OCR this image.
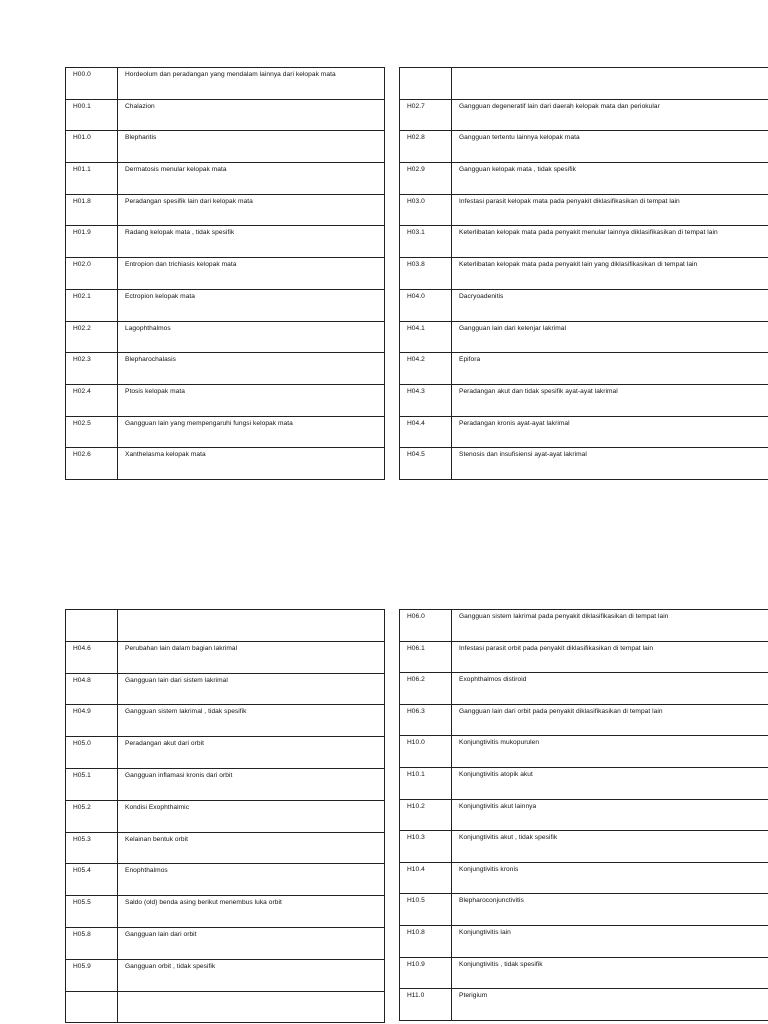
H00.0	Hordeolum dan peradangan yang mendalam lainnya dari kelopak mata
H00.1	Chalazion
H01.0	Blepharitis
H01.1	Dermatosis menular kelopak mata
H01.8	Peradangan spesifik lain dari kelopak mata
H01.9	Radang kelopak mata , tidak spesifik
H02.0	Entropion dan trichiasis kelopak mata
H02.1	Ectropion kelopak mata
H02.2	Lagophthalmos
H02.3	Blepharochalasis
H02.4	Ptosis kelopak mata
H02.5	Gangguan lain yang mempengaruhi fungsi kelopak mata
H02.6	Xanthelasma kelopak mata

H02.7	Gangguan degeneratif lain dari daerah kelopak mata dan periokular
H02.8	Gangguan tertentu lainnya kelopak mata
H02.9	Gangguan kelopak mata , tidak spesifik
H03.0	Infestasi parasit kelopak mata pada penyakit diklasifikasikan di tempat lain
H03.1	Keterlibatan kelopak mata pada penyakit menular lainnya diklasifikasikan di tempat lain
H03.8	Keterlibatan kelopak mata pada penyakit lain yang diklasifikasikan di tempat lain
H04.0	Dacryoadenitis
H04.1	Gangguan lain dari kelenjar lakrimal
H04.2	Epifora
H04.3	Peradangan akut dan tidak spesifik ayat-ayat lakrimal
H04.4	Peradangan kronis ayat-ayat lakrimal
H04.5	Stenosis dan insufisiensi ayat-ayat lakrimal

H04.6	Perubahan lain dalam bagian lakrimal
H04.8	Gangguan lain dari sistem lakrimal
H04.9	Gangguan sistem lakrimal , tidak spesifik
H05.0	Peradangan akut dari orbit
H05.1	Gangguan inflamasi kronis dari orbit
H05.2	Kondisi Exophthalmic
H05.3	Kelainan bentuk orbit
H05.4	Enophthalmos
H05.5	Saldo (old) benda asing berikut menembus luka orbit
H05.8	Gangguan lain dari orbit
H05.9	Gangguan orbit , tidak spesifik

H06.0	Gangguan sistem lakrimal pada penyakit diklasifikasikan di tempat lain
H06.1	Infestasi parasit orbit pada penyakit diklasifikasikan di tempat lain
H06.2	Exophthalmos distiroid
H06.3	Gangguan lain dari orbit pada penyakit diklasifikasikan di tempat lain
H10.0	Konjungtivitis mukopurulen
H10.1	Konjungtivitis atopik akut
H10.2	Konjungtivitis akut lainnya
H10.3	Konjungtivitis akut , tidak spesifik
H10.4	Konjungtivitis kronis
H10.5	Blepharoconjunctivitis
H10.8	Konjungtivitis lain
H10.9	Konjungtivitis , tidak spesifik
H11.0	Pterigium
